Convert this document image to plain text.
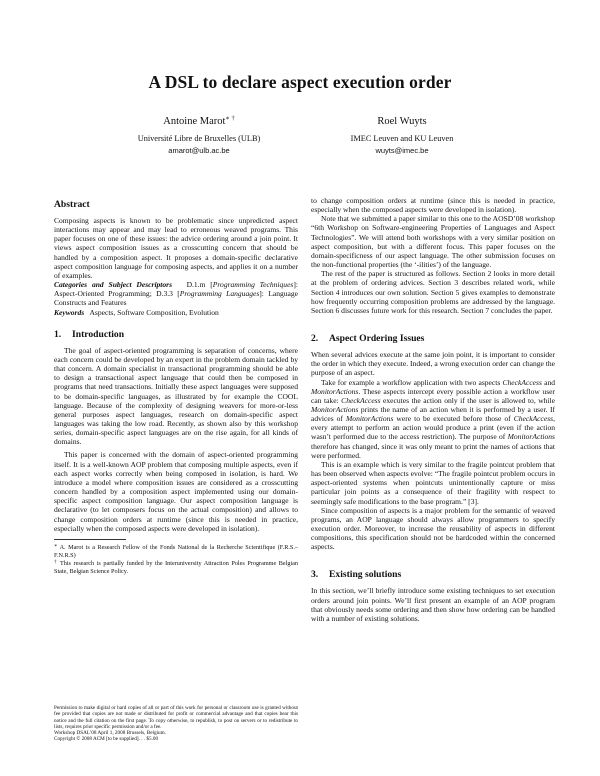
A DSL to declare aspect execution order
Antoine Marot∗ †
Université Libre de Bruxelles (ULB)
amarot@ulb.ac.be
Roel Wuyts
IMEC Leuven and KU Leuven
wuyts@imec.be
Abstract

Composing aspects is known to be problematic since unpredicted aspect interactions may appear and may lead to erroneous weaved programs. This paper focuses on one of these issues: the advice ordering around a join point. It views aspect composition issues as a crosscutting concern that should be handled by a composition aspect. It proposes a domain-specific declarative aspect composition language for composing aspects, and applies it on a number of examples.

Categories and Subject Descriptors D.1.m [Programming Techniques]: Aspect-Oriented Programming; D.3.3 [Programming Languages]: Language Constructs and Features

Keywords Aspects, Software Composition, Evolution

1. Introduction

The goal of aspect-oriented programming is separation of concerns, where each concern could be developed by an expert in the problem domain tackled by that concern. A domain specialist in transactional programming should be able to design a transactional aspect language that could then be composed in programs that need transactions. Initially these aspect languages were supposed to be domain-specific languages, as illustrated by for example the COOL language. Because of the complexity of designing weavers for more-or-less general purposes aspect languages, research on domain-specific aspect languages was taking the low road. Recently, as shown also by this workshop series, domain-specific aspect languages are on the rise again, for all kinds of domains.

This paper is concerned with the domain of aspect-oriented programming itself. It is a well-known AOP problem that composing multiple aspects, even if each aspect works correctly when being composed in isolation, is hard. We introduce a model where composition issues are considered as a crosscutting concern handled by a composition aspect implemented using our domain-specific aspect composition language. Our aspect composition language is declarative (to let composers focus on the actual composition) and allows to change composition orders at runtime (since this is needed in practice, especially when the composed aspects were developed in isolation).

∗ A. Marot is a Research Fellow of the Fonds National de la Recherche Scientifique (F.R.S.–F.N.R.S)
† This research is partially funded by the Interuniversity Attraction Poles Programme Belgian State, Belgian Science Policy.
Permission to make digital or hard copies of all or part of this work for personal or classroom use is granted without fee provided that copies are not made or distributed for profit or commercial advantage and that copies bear this notice and the full citation on the first page. To copy otherwise, to republish, to post on servers or to redistribute to lists, requires prior specific permission and/or a fee.
Workshop DSAL’08 April 1, 2008 Brussels, Belgium.
Copyright © 2008 ACM [to be supplied]. . . $5.00

to change composition orders at runtime (since this is needed in practice, especially when the composed aspects were developed in isolation).

Note that we submitted a paper similar to this one to the AOSD’08 workshop “6th Workshop on Software-engineering Properties of Languages and Aspect Technologies”. We will attend both workshops with a very similar position on aspect composition, but with a different focus. This paper focuses on the domain-specificness of our aspect language. The other submission focuses on the non-functional properties (the ‘-ilities’) of the language.

The rest of the paper is structured as follows. Section 2 looks in more detail at the problem of ordering advices. Section 3 describes related work, while Section 4 introduces our own solution. Section 5 gives examples to demonstrate how frequently occurring composition problems are addressed by the language. Section 6 discusses future work for this research. Section 7 concludes the paper.

2. Aspect Ordering Issues

When several advices execute at the same join point, it is important to consider the order in which they execute. Indeed, a wrong execution order can change the purpose of an aspect.

Take for example a workflow application with two aspects CheckAccess and MonitorActions. These aspects intercept every possible action a workflow user can take: CheckAccess executes the action only if the user is allowed to, while MonitorActions prints the name of an action when it is performed by a user. If advices of MonitorActions were to be executed before those of CheckAccess, every attempt to perform an action would produce a print (even if the action wasn’t performed due to the access restriction). The purpose of MonitorActions therefore has changed, since it was only meant to print the names of actions that were performed.

This is an example which is very similar to the fragile pointcut problem that has been observed when aspects evolve: “The fragile pointcut problem occurs in aspect-oriented systems when pointcuts unintentionally capture or miss particular join points as a consequence of their fragility with respect to seemingly safe modifications to the base program.” [3].

Since composition of aspects is a major problem for the semantic of weaved programs, an AOP language should always allow programmers to specify execution order. Moreover, to increase the reusability of aspects in different compositions, this specification should not be hardcoded within the concerned aspects.

3. Existing solutions

In this section, we’ll briefly introduce some existing techniques to set execution orders around join points. We’ll first present an example of an AOP program that obviously needs some ordering and then show how ordering can be handled with a number of existing solutions.
